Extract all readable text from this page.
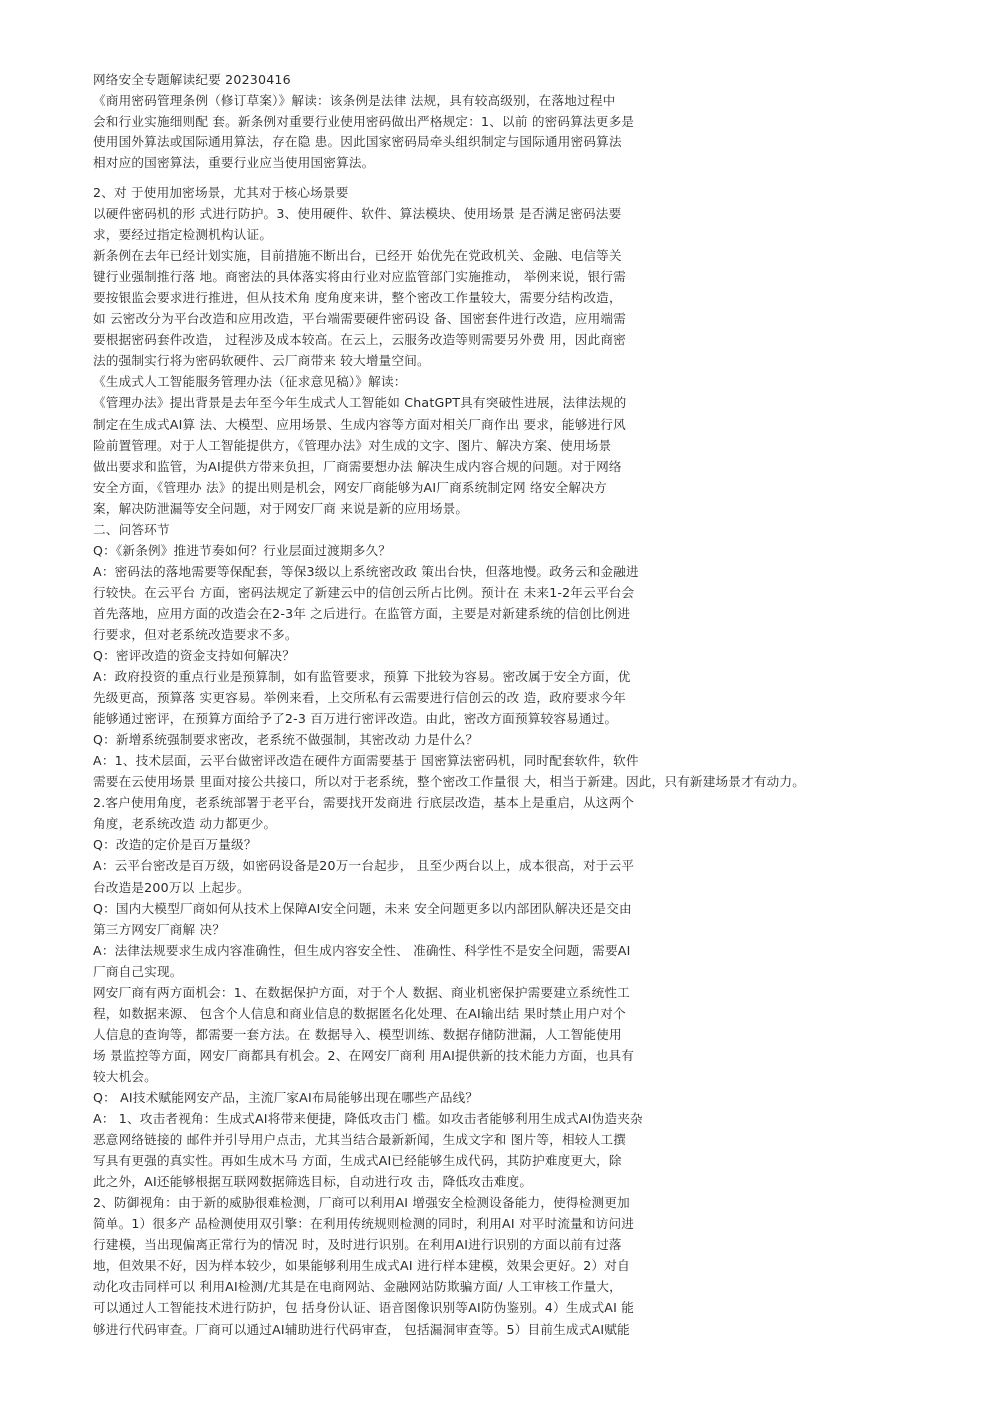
网络安全专题解读纪要 20230416
《商用密码管理条例（修订草案）》解读：该条例是法律 法规，具有较高级别，在落地过程中
会和行业实施细则配 套。新条例对重要行业使用密码做出严格规定：1、以前 的密码算法更多是
使用国外算法或国际通用算法，存在隐 患。因此国家密码局牵头组织制定与国际通用密码算法
相对应的国密算法，重要行业应当使用国密算法。
2、对 于使用加密场景，尤其对于核心场景要
以硬件密码机的形 式进行防护。3、使用硬件、软件、算法模块、使用场景 是否满足密码法要
求，要经过指定检测机构认证。
新条例在去年已经计划实施，目前措施不断出台，已经开 始优先在党政机关、金融、电信等关
键行业强制推行落 地。商密法的具体落实将由行业对应监管部门实施推动， 举例来说，银行需
要按银监会要求进行推进，但从技术角 度角度来讲，整个密改工作量较大，需要分结构改造，
如 云密改分为平台改造和应用改造，平台端需要硬件密码设 备、国密套件进行改造，应用端需
要根据密码套件改造， 过程涉及成本较高。在云上，云服务改造等则需要另外费 用，因此商密
法的强制实行将为密码软硬件、云厂商带来 较大增量空间。
《生成式人工智能服务管理办法（征求意见稿）》解读：
《管理办法》提出背景是去年至今年生成式人工智能如 ChatGPT具有突破性进展，法律法规的
制定在生成式AI算 法、大模型、应用场景、生成内容等方面对相关厂商作出 要求，能够进行风
险前置管理。对于人工智能提供方，《管理办法》对生成的文字、图片、解决方案、使用场景
做出要求和监管，为AI提供方带来负担，厂商需要想办法 解决生成内容合规的问题。对于网络
安全方面，《管理办 法》的提出则是机会，网安厂商能够为AI厂商系统制定网 络安全解决方
案，解决防泄漏等安全问题，对于网安厂商 来说是新的应用场景。
二、问答环节
Q：《新条例》推进节奏如何？行业层面过渡期多久？
A：密码法的落地需要等保配套，等保3级以上系统密改政 策出台快，但落地慢。政务云和金融进
行较快。在云平台 方面，密码法规定了新建云中的信创云所占比例。预计在 未来1-2年云平台会
首先落地，应用方面的改造会在2-3年 之后进行。在监管方面，主要是对新建系统的信创比例进
行要求，但对老系统改造要求不多。
Q：密评改造的资金支持如何解决？
A：政府投资的重点行业是预算制，如有监管要求，预算 下批较为容易。密改属于安全方面，优
先级更高，预算落 实更容易。举例来看，上交所私有云需要进行信创云的改 造，政府要求今年
能够通过密评，在预算方面给予了2-3 百万进行密评改造。由此，密改方面预算较容易通过。
Q：新增系统强制要求密改，老系统不做强制，其密改动 力是什么？
A：1、技术层面，云平台做密评改造在硬件方面需要基于 国密算法密码机，同时配套软件，软件
需要在云使用场景 里面对接公共接口，所以对于老系统，整个密改工作量很 大，相当于新建。因此，只有新建场景才有动力。
2.客户使用角度，老系统部署于老平台，需要找开发商进 行底层改造，基本上是重启，从这两个
角度，老系统改造 动力都更少。
Q：改造的定价是百万量级？
A：云平台密改是百万级，如密码设备是20万一台起步， 且至少两台以上，成本很高，对于云平
台改造是200万以 上起步。
Q：国内大模型厂商如何从技术上保障AI安全问题，未来 安全问题更多以内部团队解决还是交由
第三方网安厂商解 决？
A：法律法规要求生成内容准确性，但生成内容安全性、 准确性、科学性不是安全问题，需要AI
厂商自己实现。
网安厂商有两方面机会：1、在数据保护方面，对于个人 数据、商业机密保护需要建立系统性工
程，如数据来源、 包含个人信息和商业信息的数据匿名化处理、在AI输出结 果时禁止用户对个
人信息的查询等，都需要一套方法。在 数据导入、模型训练、数据存储防泄漏，人工智能使用
场 景监控等方面，网安厂商都具有机会。2、在网安厂商利 用AI提供新的技术能力方面，也具有
较大机会。
Q： AI技术赋能网安产品，主流厂家AI布局能够出现在哪些产品线？
A： 1、攻击者视角：生成式AI将带来便捷，降低攻击门 槛。如攻击者能够利用生成式AI伪造夹杂
恶意网络链接的 邮件并引导用户点击，尤其当结合最新新闻，生成文字和 图片等，相较人工撰
写具有更强的真实性。再如生成木马 方面，生成式AI已经能够生成代码，其防护难度更大，除
此之外，AI还能够根据互联网数据筛选目标，自动进行攻 击，降低攻击难度。
2、防御视角：由于新的威胁很难检测，厂商可以利用AI 增强安全检测设备能力，使得检测更加
简单。1）很多产 品检测使用双引擎：在利用传统规则检测的同时，利用AI 对平时流量和访问进
行建模，当出现偏离正常行为的情况 时，及时进行识别。在利用AI进行识别的方面以前有过落
地，但效果不好，因为样本较少，如果能够利用生成式AI 进行样本建模，效果会更好。2）对自
动化攻击同样可以 利用AI检测/尤其是在电商网站、金融网站防欺骗方面/ 人工审核工作量大，
可以通过人工智能技术进行防护，包 括身份认证、语音图像识别等AI防伪鉴别。4）生成式AI 能
够进行代码审查。厂商可以通过AI辅助进行代码审查， 包括漏洞审查等。5）目前生成式AI赋能
